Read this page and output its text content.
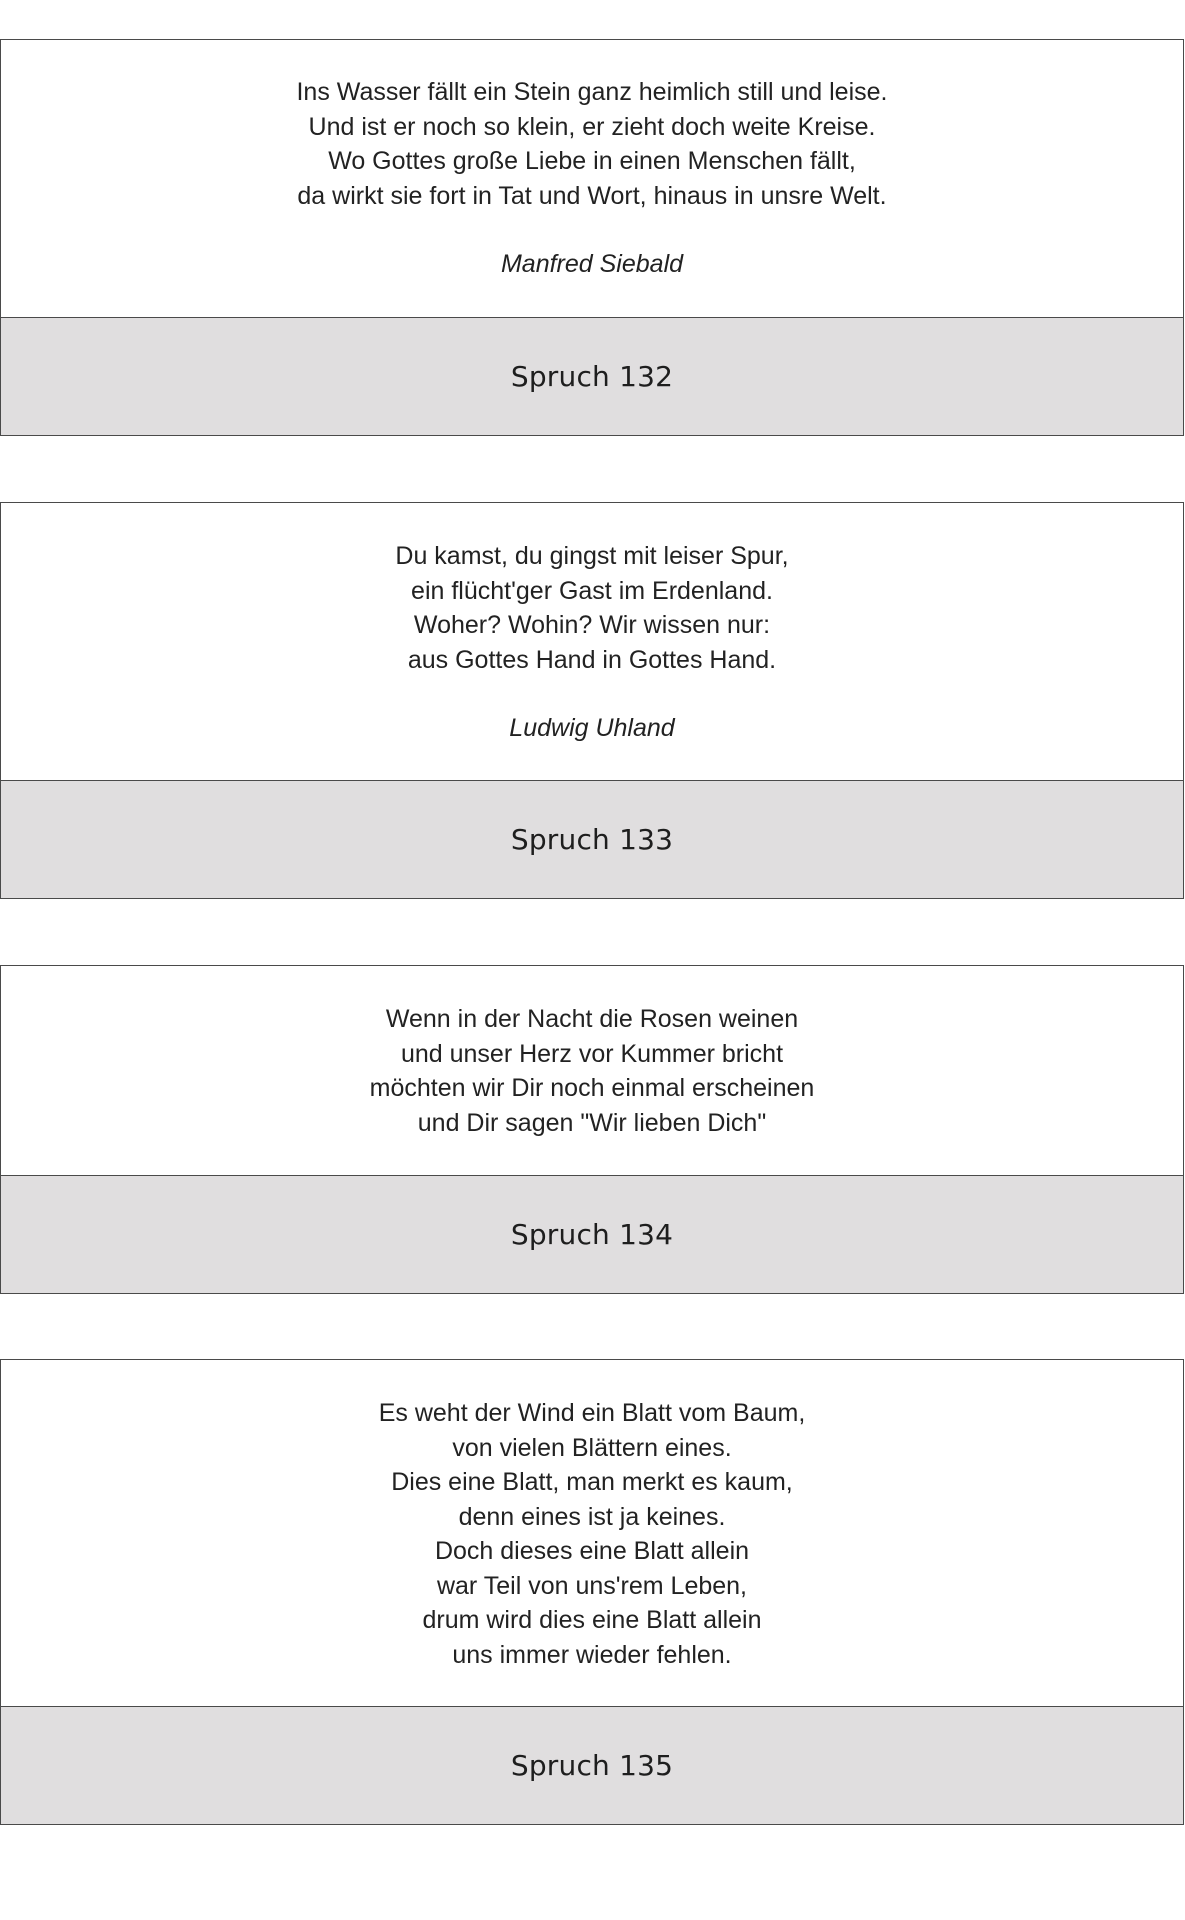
Ins Wasser fällt ein Stein ganz heimlich still und leise.
Und ist er noch so klein, er zieht doch weite Kreise.
Wo Gottes große Liebe in einen Menschen fällt,
da wirkt sie fort in Tat und Wort, hinaus in unsre Welt.
Manfred Siebald
Spruch 132
Du kamst, du gingst mit leiser Spur,
ein flücht'ger Gast im Erdenland.
Woher? Wohin? Wir wissen nur:
aus Gottes Hand in Gottes Hand.
Ludwig Uhland
Spruch 133
Wenn in der Nacht die Rosen weinen
und unser Herz vor Kummer bricht
möchten wir Dir noch einmal erscheinen
und Dir sagen "Wir lieben Dich"
Spruch 134
Es weht der Wind ein Blatt vom Baum,
von vielen Blättern eines.
Dies eine Blatt, man merkt es kaum,
denn eines ist ja keines.
Doch dieses eine Blatt allein
war Teil von uns'rem Leben,
drum wird dies eine Blatt allein
uns immer wieder fehlen.
Spruch 135
